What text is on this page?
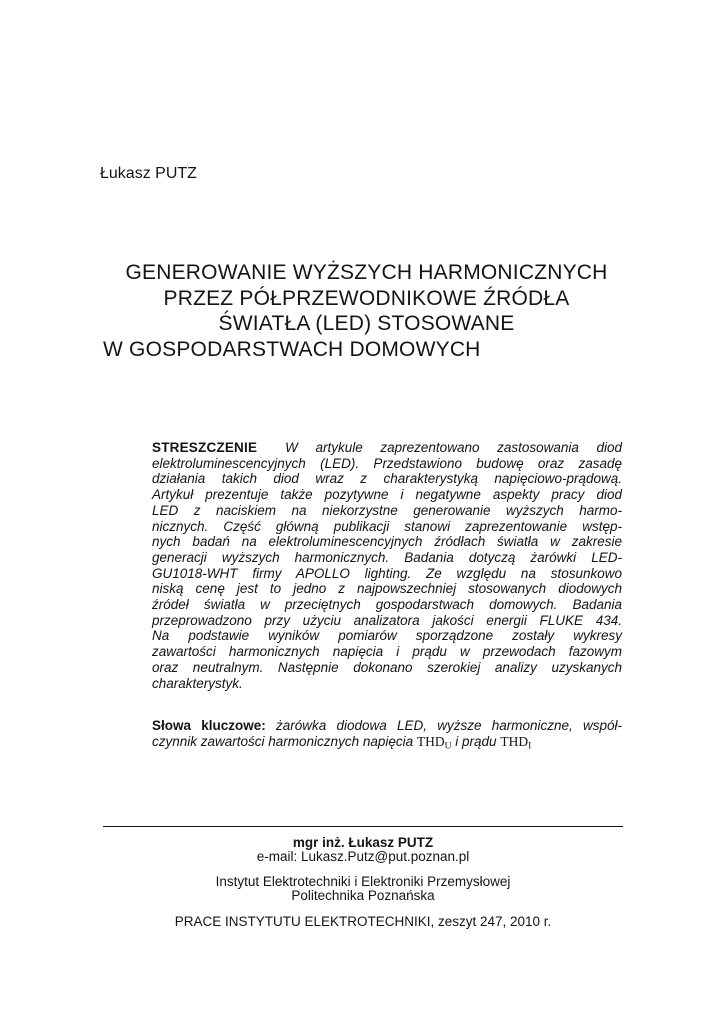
Łukasz PUTZ
GENEROWANIE WYŻSZYCH HARMONICZNYCH
PRZEZ PÓŁPRZEWODNIKOWE ŹRÓDŁA
ŚWIATŁA (LED) STOSOWANE
W GOSPODARSTWACH DOMOWYCH
STRESZCZENIE W artykule zaprezentowano zastosowania diod
elektroluminescencyjnych (LED). Przedstawiono budowę oraz zasadę
działania takich diod wraz z charakterystyką napięciowo-prądową.
Artykuł prezentuje także pozytywne i negatywne aspekty pracy diod
LED z naciskiem na niekorzystne generowanie wyższych harmo-
nicznych. Część główną publikacji stanowi zaprezentowanie wstęp-
nych badań na elektroluminescencyjnych źródłach światła w zakresie
generacji wyższych harmonicznych. Badania dotyczą żarówki LED-
GU1018-WHT firmy APOLLO lighting. Ze względu na stosunkowo
niską cenę jest to jedno z najpowszechniej stosowanych diodowych
źródeł światła w przeciętnych gospodarstwach domowych. Badania
przeprowadzono przy użyciu analizatora jakości energii FLUKE 434.
Na podstawie wyników pomiarów sporządzone zostały wykresy
zawartości harmonicznych napięcia i prądu w przewodach fazowym
oraz neutralnym. Następnie dokonano szerokiej analizy uzyskanych
charakterystyk.
Słowa kluczowe: żarówka diodowa LED, wyższe harmoniczne, współ-
czynnik zawartości harmonicznych napięcia $THD_U$ i prądu $THD_I$
mgr inż. Łukasz PUTZ
e-mail: Lukasz.Putz@put.poznan.pl
Instytut Elektrotechniki i Elektroniki Przemysłowej
Politechnika Poznańska
PRACE INSTYTUTU ELEKTROTECHNIKI, zeszyt 247, 2010 r.
